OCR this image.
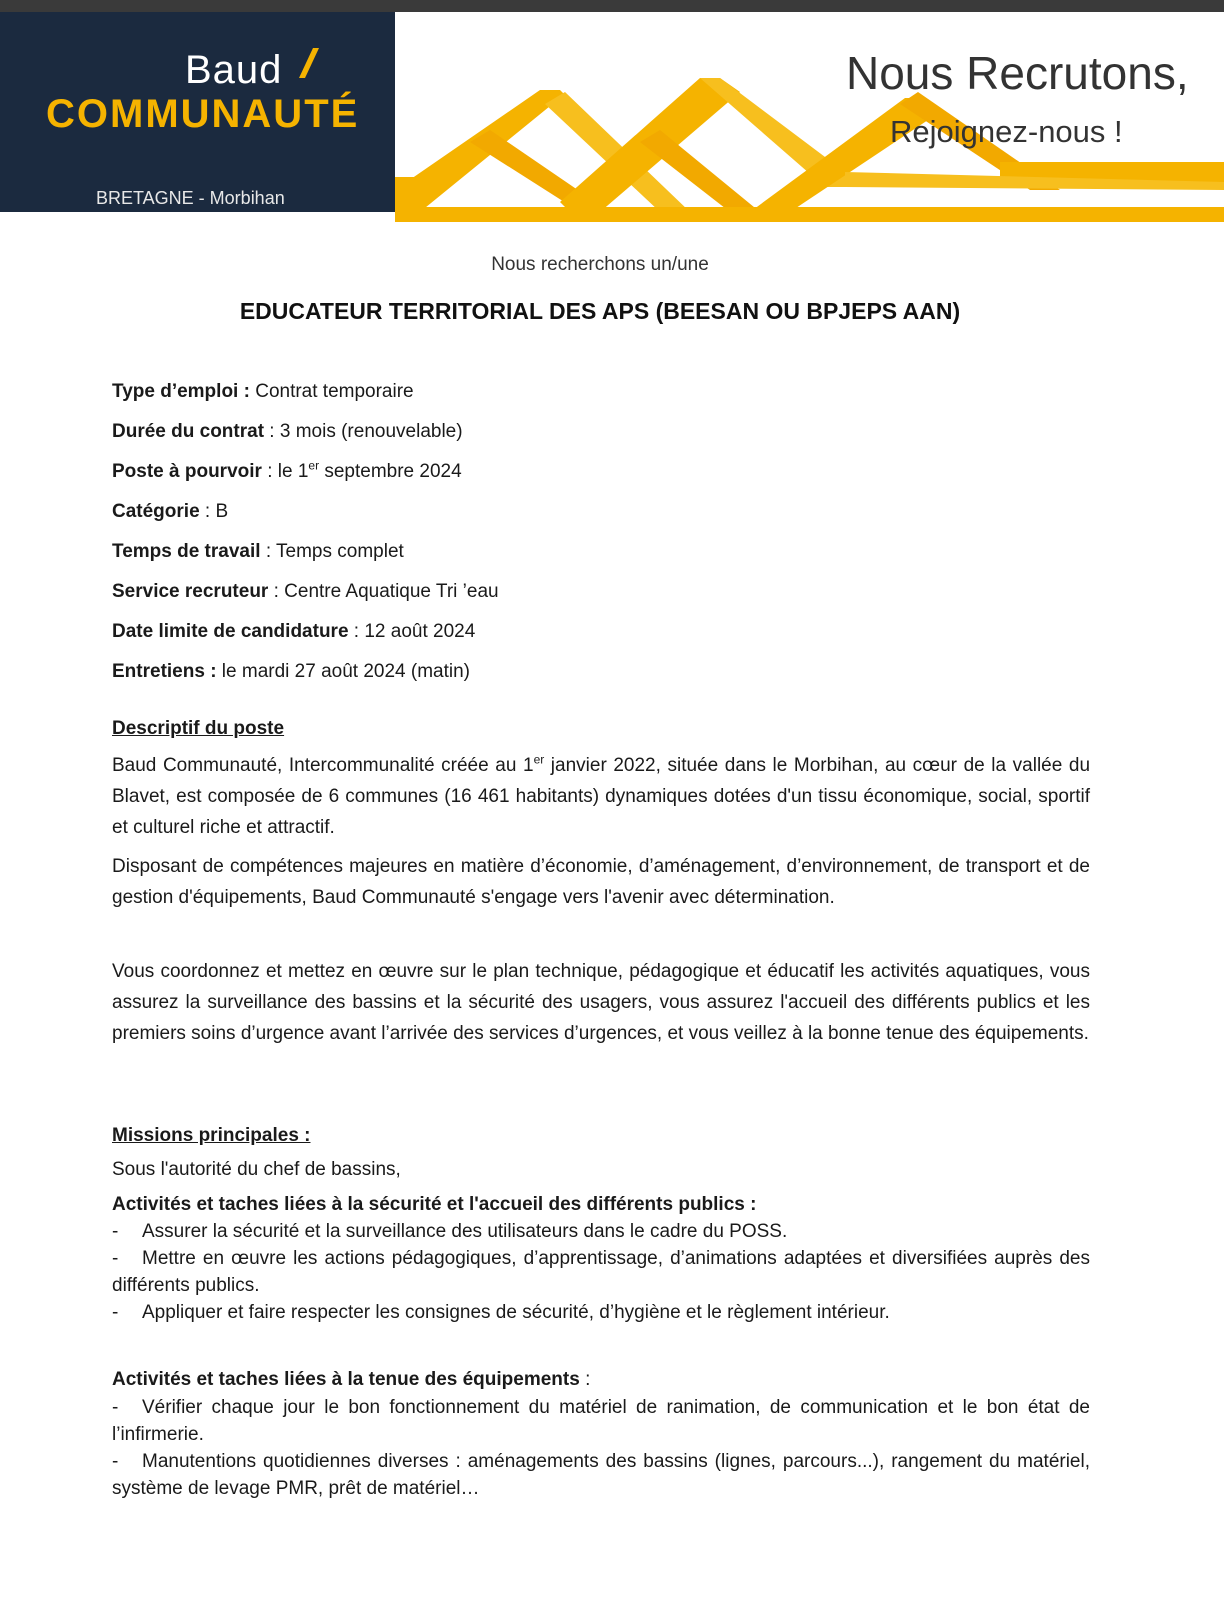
Baud
COMMUNAUTÉ
BRETAGNE - Morbihan
Nous Recrutons,
Rejoignez-nous !
Nous recherchons un/une
EDUCATEUR TERRITORIAL DES APS (BEESAN OU BPJEPS AAN)
Type d’emploi : Contrat temporaire
Durée du contrat : 3 mois (renouvelable)
Poste à pourvoir : le 1er septembre 2024
Catégorie : B
Temps de travail : Temps complet
Service recruteur : Centre Aquatique Tri ’eau
Date limite de candidature : 12 août 2024
Entretiens : le mardi 27 août 2024 (matin)
Descriptif du poste
Baud Communauté, Intercommunalité créée au 1er janvier 2022, située dans le Morbihan, au cœur de la vallée du Blavet, est composée de 6 communes (16 461 habitants) dynamiques dotées d'un tissu économique, social, sportif et culturel riche et attractif.
Disposant de compétences majeures en matière d’économie, d’aménagement, d’environnement, de transport et de gestion d'équipements, Baud Communauté s'engage vers l'avenir avec détermination.
Vous coordonnez et mettez en œuvre sur le plan technique, pédagogique et éducatif les activités aquatiques, vous assurez la surveillance des bassins et la sécurité des usagers, vous assurez l'accueil des différents publics et les premiers soins d’urgence avant l’arrivée des services d’urgences, et vous veillez à la bonne tenue des équipements.
Missions principales :
Sous l'autorité du chef de bassins,
Activités et taches liées à la sécurité et l'accueil des différents publics :
- Assurer la sécurité et la surveillance des utilisateurs dans le cadre du POSS.
- Mettre en œuvre les actions pédagogiques, d’apprentissage, d’animations adaptées et diversifiées auprès des différents publics.
- Appliquer et faire respecter les consignes de sécurité, d’hygiène et le règlement intérieur.
Activités et taches liées à la tenue des équipements :
- Vérifier chaque jour le bon fonctionnement du matériel de ranimation, de communication et le bon état de l’infirmerie.
- Manutentions quotidiennes diverses : aménagements des bassins (lignes, parcours...), rangement du matériel, système de levage PMR, prêt de matériel…
